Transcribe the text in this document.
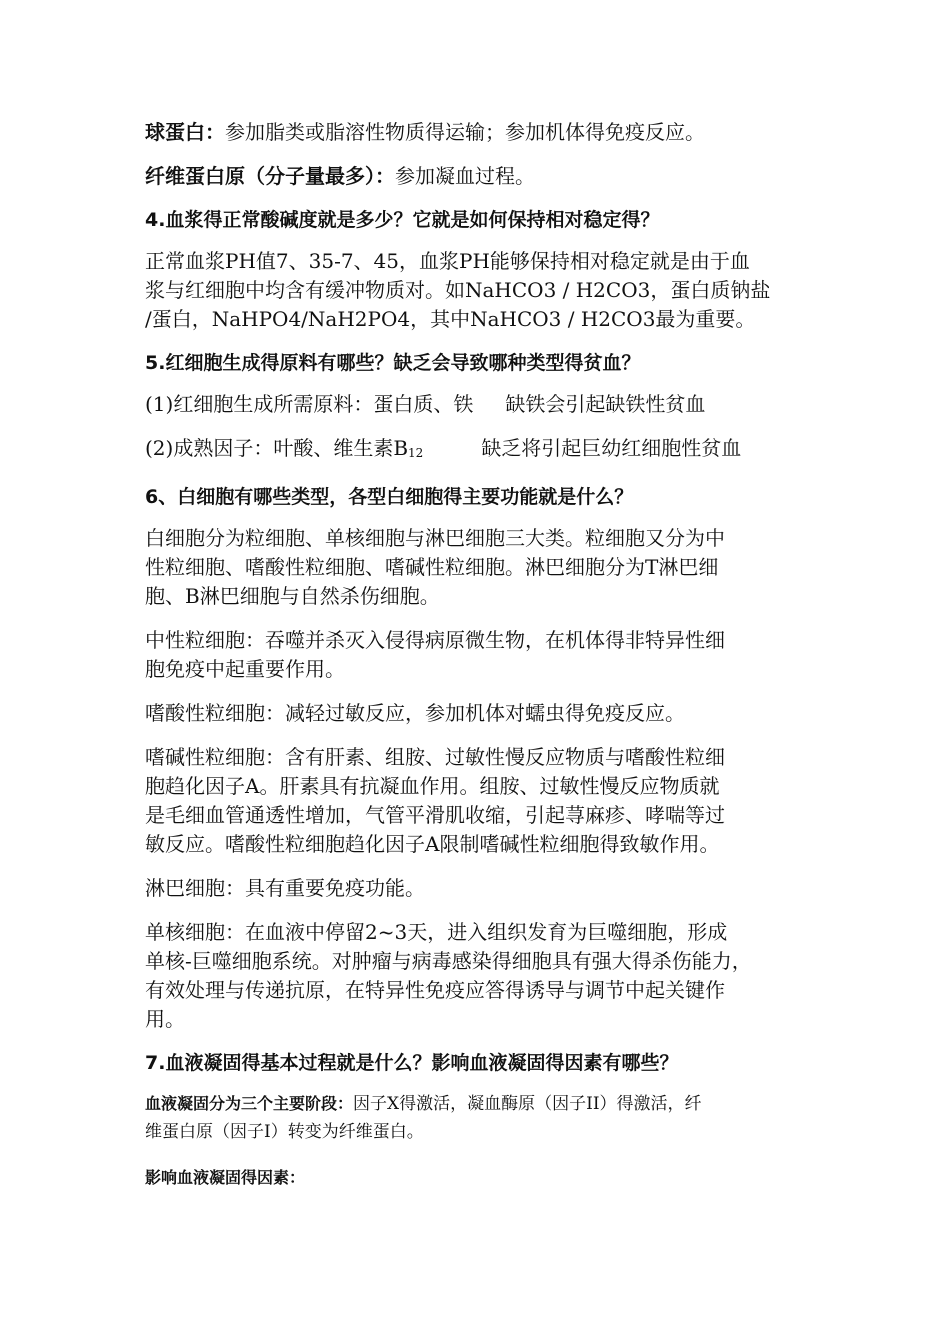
球蛋白：参加脂类或脂溶性物质得运输；参加机体得免疫反应。

纤维蛋白原（分子量最多）：参加凝血过程。

4.血浆得正常酸碱度就是多少？它就是如何保持相对稳定得？

正常血浆PH值7、35-7、45，血浆PH能够保持相对稳定就是由于血
浆与红细胞中均含有缓冲物质对。如NaHCO3 / H2CO3，蛋白质钠盐
/蛋白，NaHPO4/NaH2PO4，其中NaHCO3 / H2CO3最为重要。

5.红细胞生成得原料有哪些？缺乏会导致哪种类型得贫血？

(1)红细胞生成所需原料：蛋白质、铁 缺铁会引起缺铁性贫血

(2)成熟因子：叶酸、维生素$B_{12}$	缺乏将引起巨幼红细胞性贫血

6、白细胞有哪些类型，各型白细胞得主要功能就是什么？

白细胞分为粒细胞、单核细胞与淋巴细胞三大类。粒细胞又分为中
性粒细胞、嗜酸性粒细胞、嗜碱性粒细胞。淋巴细胞分为T淋巴细
胞、B淋巴细胞与自然杀伤细胞。

中性粒细胞：吞噬并杀灭入侵得病原微生物，在机体得非特异性细
胞免疫中起重要作用。

嗜酸性粒细胞：减轻过敏反应，参加机体对蠕虫得免疫反应。

嗜碱性粒细胞：含有肝素、组胺、过敏性慢反应物质与嗜酸性粒细
胞趋化因子A。肝素具有抗凝血作用。组胺、过敏性慢反应物质就
是毛细血管通透性增加，气管平滑肌收缩，引起荨麻疹、哮喘等过
敏反应。嗜酸性粒细胞趋化因子A限制嗜碱性粒细胞得致敏作用。

淋巴细胞：具有重要免疫功能。

单核细胞：在血液中停留2~3天，进入组织发育为巨噬细胞，形成
单核-巨噬细胞系统。对肿瘤与病毒感染得细胞具有强大得杀伤能力，
有效处理与传递抗原，在特异性免疫应答得诱导与调节中起关键作
用。

7.血液凝固得基本过程就是什么？影响血液凝固得因素有哪些？

血液凝固分为三个主要阶段：因子X得激活，凝血酶原（因子II）得激活，纤
维蛋白原（因子I）转变为纤维蛋白。

影响血液凝固得因素：
